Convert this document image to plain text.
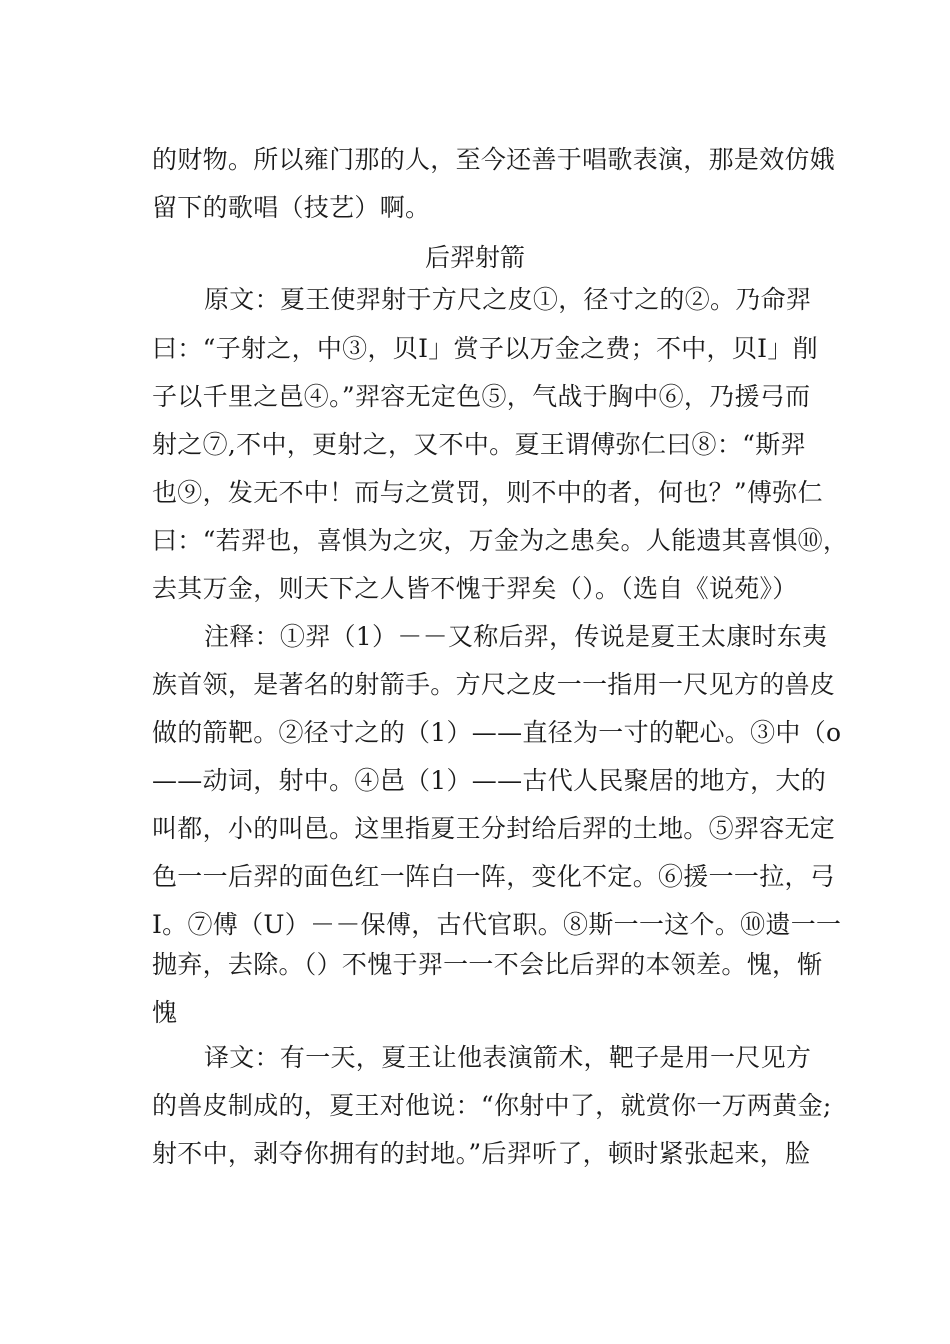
的财物。所以雍门那的人，至今还善于唱歌表演，那是效仿娥
留下的歌唱（技艺）啊。
后羿射箭
原文：夏王使羿射于方尺之皮①，径寸之的②。乃命羿
曰：“子射之，中③，贝I」赏子以万金之费；不中，贝I」削
子以千里之邑④。”羿容无定色⑤，气战于胸中⑥，乃援弓而
射之⑦,不中，更射之，又不中。夏王谓傅弥仁曰⑧：“斯羿
也⑨，发无不中！而与之赏罚，则不中的者，何也？”傅弥仁
曰：“若羿也，喜惧为之灾，万金为之患矣。人能遗其喜惧⑩，
去其万金，则天下之人皆不愧于羿矣（）。（选自《说苑》）
注释：①羿（1）－－又称后羿，传说是夏王太康时东夷
族首领，是著名的射箭手。方尺之皮一一指用一尺见方的兽皮
做的箭靶。②径寸之的（1）——直径为一寸的靶心。③中（o
——动词，射中。④邑（1）——古代人民聚居的地方，大的
叫都，小的叫邑。这里指夏王分封给后羿的土地。⑤羿容无定
色一一后羿的面色红一阵白一阵，变化不定。⑥援一一拉，弓
I。⑦傅（U）－－保傅，古代官职。⑧斯一一这个。⑩遗一一
抛弃，去除。（）不愧于羿一一不会比后羿的本领差。愧，惭
愧
译文：有一天，夏王让他表演箭术，靶子是用一尺见方
的兽皮制成的，夏王对他说：“你射中了，就赏你一万两黄金;
射不中，剥夺你拥有的封地。”后羿听了，顿时紧张起来，脸
